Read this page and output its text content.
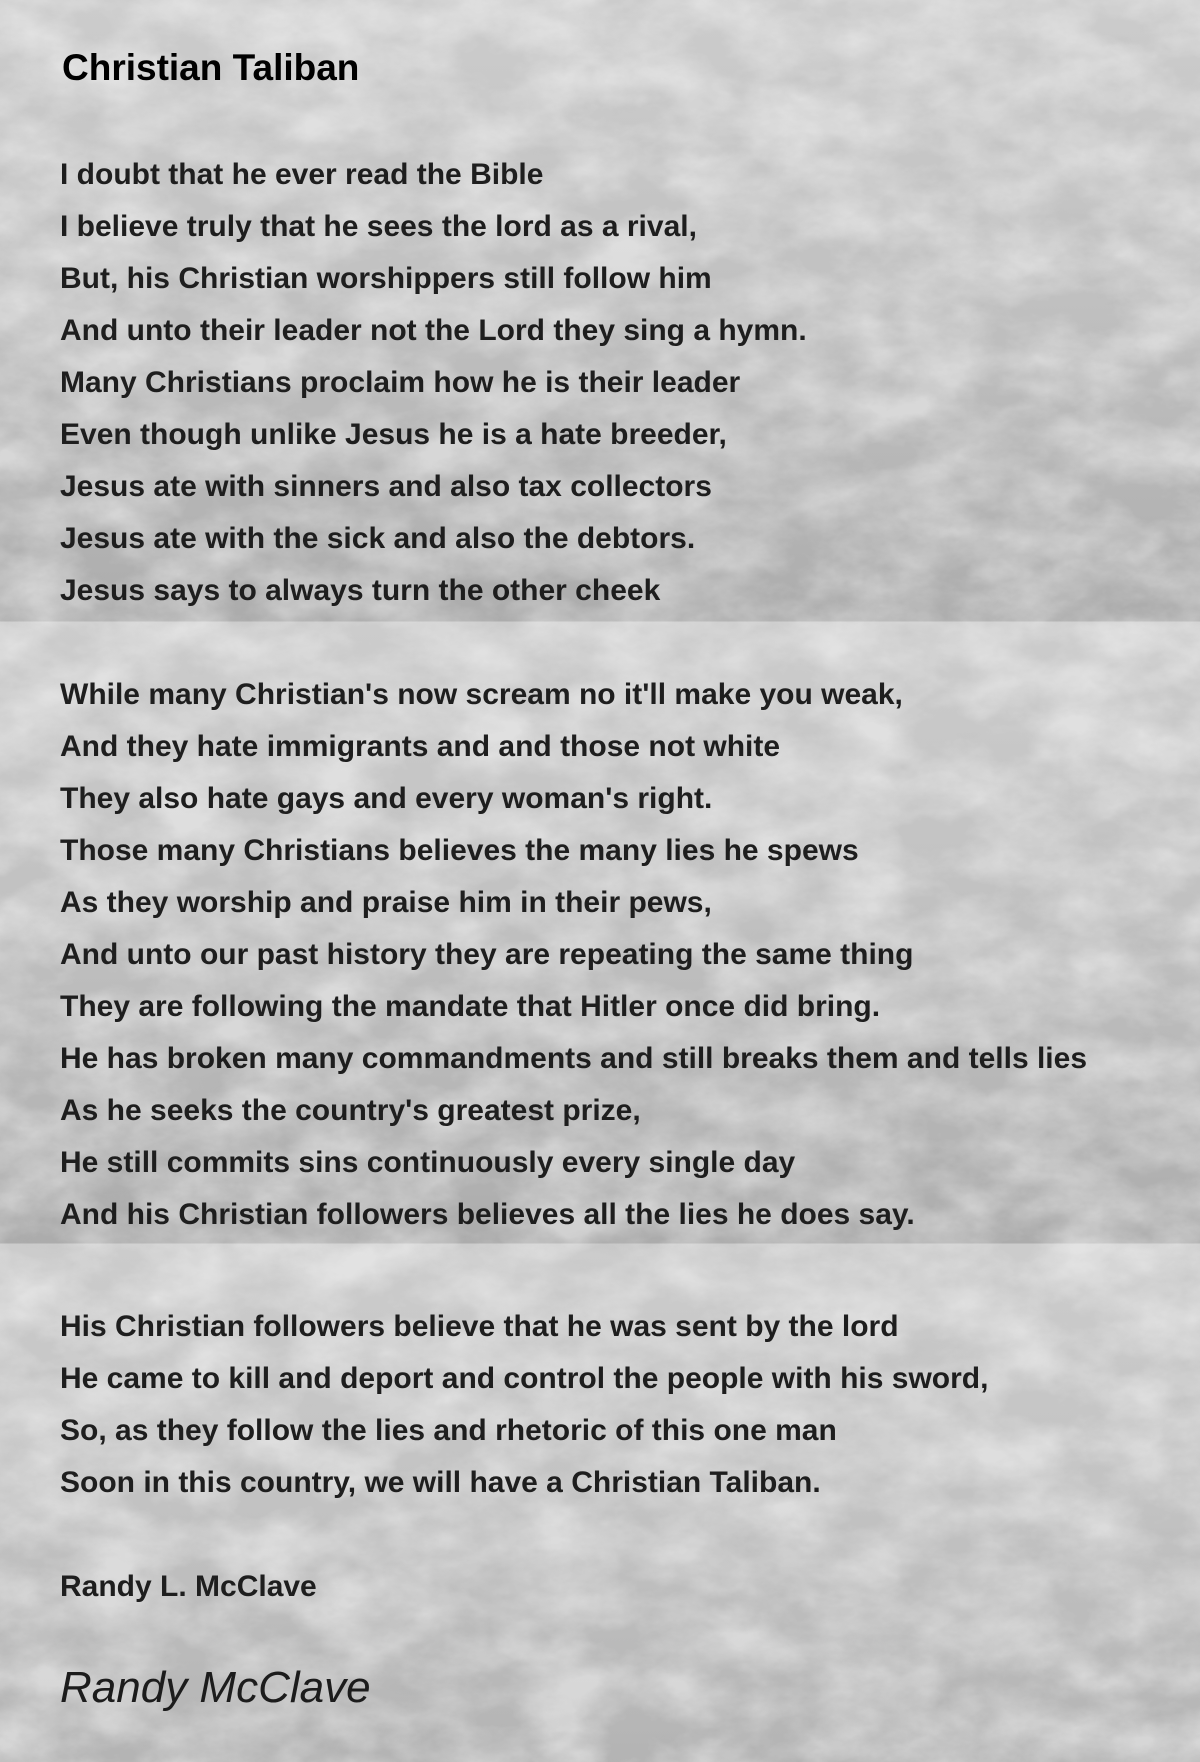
Christian Taliban
I doubt that he ever read the Bible
I believe truly that he sees the lord as a rival,
But, his Christian worshippers still follow him
And unto their leader not the Lord they sing a hymn.
Many Christians proclaim how he is their leader
Even though unlike Jesus he is a hate breeder,
Jesus ate with sinners and also tax collectors
Jesus ate with the sick and also the debtors.
Jesus says to always turn the other cheek
While many Christian's now scream no it'll make you weak,
And they hate immigrants and and those not white
They also hate gays and every woman's right.
Those many Christians believes the many lies he spews
As they worship and praise him in their pews,
And unto our past history they are repeating the same thing
They are following the mandate that Hitler once did bring.
He has broken many commandments and still breaks them and tells lies
As he seeks the country's greatest prize,
He still commits sins continuously every single day
And his Christian followers believes all the lies he does say.
His Christian followers believe that he was sent by the lord
He came to kill and deport and control the people with his sword,
So, as they follow the lies and rhetoric of this one man
Soon in this country, we will have a Christian Taliban.
Randy L. McClave
Randy McClave
